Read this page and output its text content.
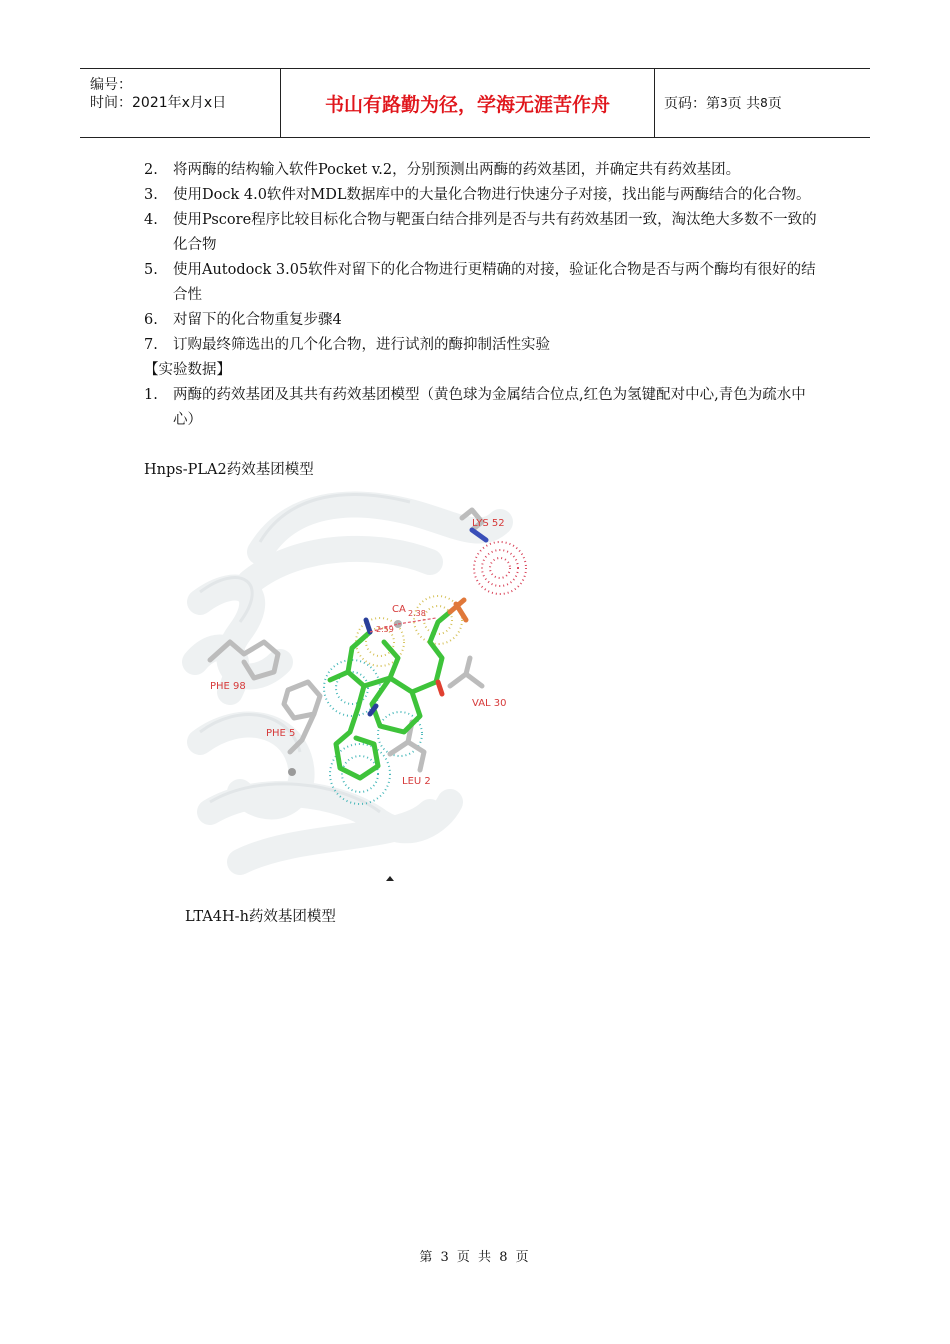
编号：
时间：2021年x月x日	书山有路勤为径，学海无涯苦作舟	页码：第 3 页 共 8 页
2.	将两酶的结构输入软件Pocket v.2，分别预测出两酶的药效基团，并确定共有药效基团。
3.	使用Dock 4.0软件对MDL数据库中的大量化合物进行快速分子对接，找出能与两酶结合的化合物。
4.	使用Pscore程序比较目标化合物与靶蛋白结合排列是否与共有药效基团一致，淘汰绝大多数不一致的化合物
5.	使用Autodock 3.05软件对留下的化合物进行更精确的对接，验证化合物是否与两个酶均有很好的结合性
6.	对留下的化合物重复步骤4
7.	订购最终筛选出的几个化合物，进行试剂的酶抑制活性实验
【实验数据】
1.	两酶的药效基团及其共有药效基团模型（黄色球为金属结合位点,红色为氢键配对中心,青色为疏水中心）
Hnps-PLA2药效基团模型
LYS 52
CA 2.38
2.59
PHE 98
VAL 30
PHE 5
LEU 2
LTA4H-h药效基团模型
第 3 页 共 8 页
